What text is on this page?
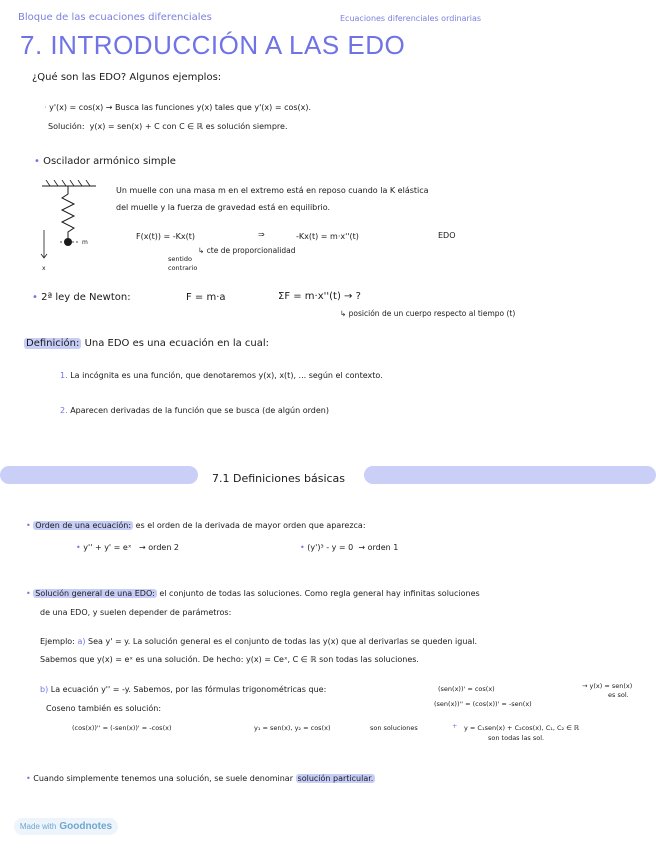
Bloque de las ecuaciones diferenciales	Ecuaciones diferenciales ordinarias
7. INTRODUCCIÓN A LAS EDO
¿Qué son las EDO? Algunos ejemplos:
· y'(x) = cos(x) → Busca las funciones y(x) tales que y'(x) = cos(x).
Solución: y(x) = sen(x) + C con C ∈ ℝ es solución siempre.
• Oscilador armónico simple
x
m
Un muelle con una masa m en el extremo está en reposo cuando la K elástica
del muelle y la fuerza de gravedad está en equilibrio.
F(x(t)) = -Kx(t)	⇒	-Kx(t) = m·x''(t)	EDO
↳ cte de proporcionalidad
sentido
contrario
• 2ª ley de Newton:	F = m·a	ΣF = m·x''(t) → ?
↳ posición de un cuerpo respecto al tiempo (t)
Definición: Una EDO es una ecuación en la cual:
1. La incógnita es una función, que denotaremos y(x), x(t), ... según el contexto.
2. Aparecen derivadas de la función que se busca (de algún orden)
7.1 Definiciones básicas
• Orden de una ecuación: es el orden de la derivada de mayor orden que aparezca:
• y'' + y' = eˣ → orden 2	• (y')³ - y = 0 → orden 1
• Solución general de una EDO: el conjunto de todas las soluciones. Como regla general hay infinitas soluciones
de una EDO, y suelen depender de parámetros:
Ejemplo: a) Sea y' = y. La solución general es el conjunto de todas las y(x) que al derivarlas se queden igual.
Sabemos que y(x) = eˣ es una solución. De hecho: y(x) = Ceˣ, C ∈ ℝ son todas las soluciones.
b) La ecuación y'' = -y. Sabemos, por las fórmulas trigonométricas que:
Coseno también es solución:
(sen(x))' = cos(x)
(sen(x))'' = (cos(x))' = -sen(x)
→ y(x) = sen(x)
es sol.
(cos(x))'' = (-sen(x))' = -cos(x)	y₁ = sen(x), y₂ = cos(x)	son soluciones	+ y = C₁sen(x) + C₂cos(x), C₁, C₂ ∈ ℝ
son todas las sol.
• Cuando simplemente tenemos una solución, se suele denominar solución particular.
Made with Goodnotes
